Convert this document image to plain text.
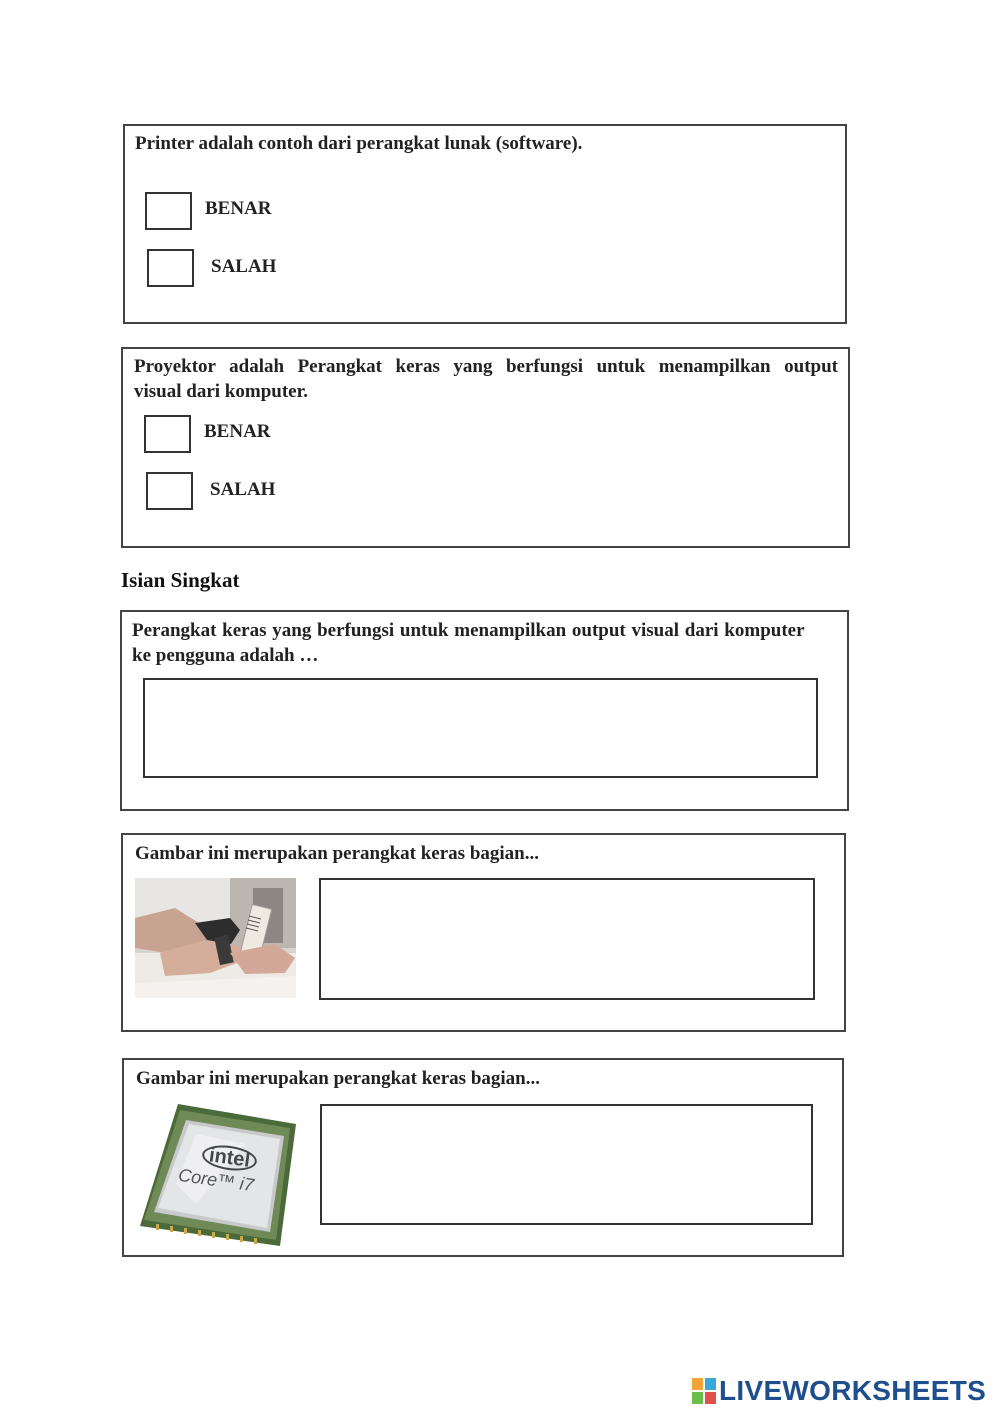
Printer adalah contoh dari perangkat lunak (software).
BENAR
SALAH
Proyektor adalah Perangkat keras yang berfungsi untuk menampilkan output
visual dari komputer.
BENAR
SALAH
Isian Singkat
Perangkat keras yang berfungsi untuk menampilkan output visual dari komputer
ke pengguna adalah …
Gambar ini merupakan perangkat keras bagian...
Gambar ini merupakan perangkat keras bagian...
intel
Core™ i7
LIVEWORKSHEETS
